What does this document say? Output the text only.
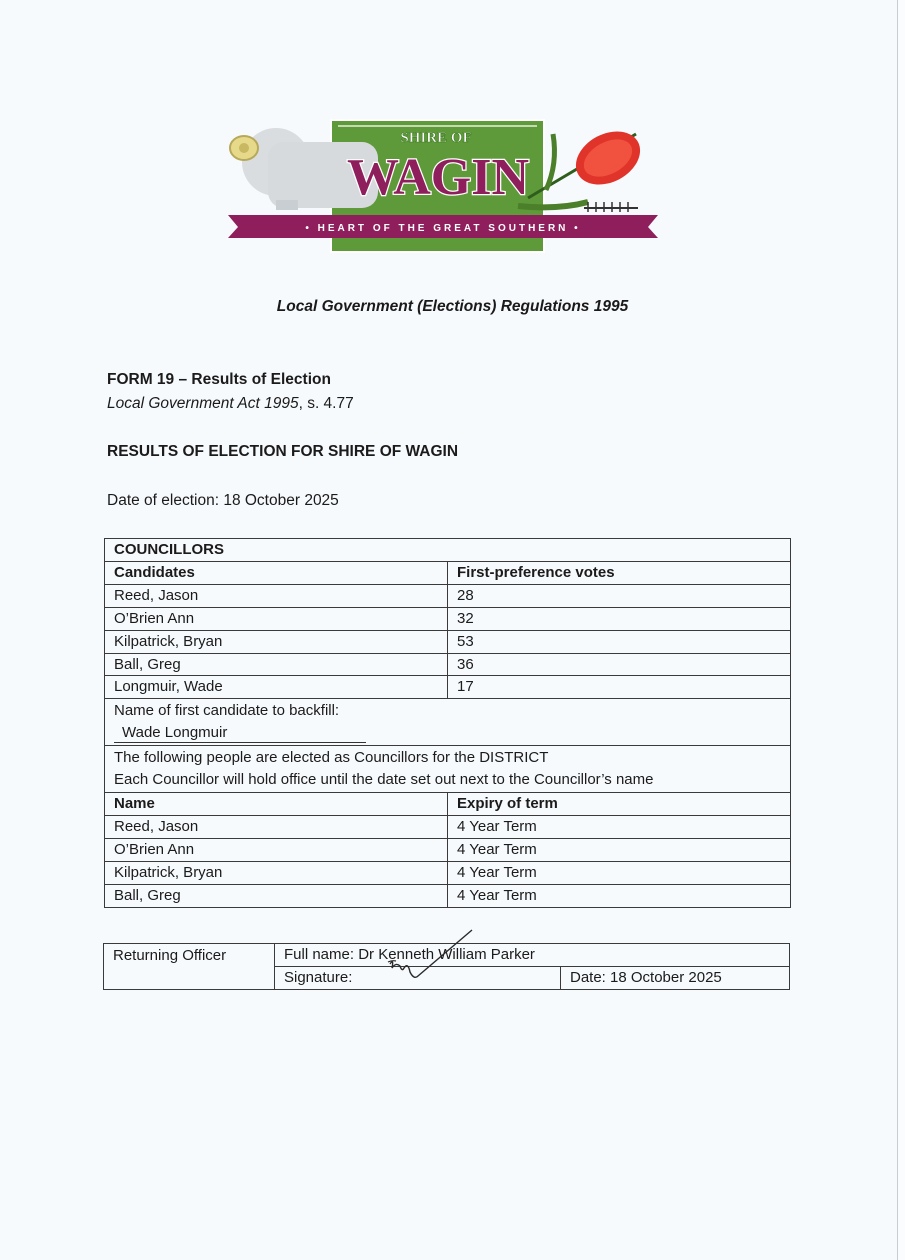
SHIRE OF
WAGIN
• HEART OF THE GREAT SOUTHERN •
Local Government (Elections) Regulations 1995
FORM 19 – Results of Election
Local Government Act 1995, s. 4.77
RESULTS OF ELECTION FOR SHIRE OF WAGIN
Date of election: 18 October 2025
COUNCILLORS	
Candidates	First-preference votes
Reed, Jason	28
O’Brien Ann	32
Kilpatrick, Bryan	53
Ball, Greg	36
Longmuir, Wade	17

Name of first candidate to backfill:
Wade Longmuir	

The following people are elected as Councillors for the DISTRICT
Each Councillor will hold office until the date set out next to the Councillor’s name	

Name	Expiry of term
Reed, Jason	4 Year Term
O’Brien Ann	4 Year Term
Kilpatrick, Bryan	4 Year Term
Ball, Greg	4 Year Term
Returning Officer	Full name: Dr Kenneth William Parker	
	Signature:	Date: 18 October 2025
